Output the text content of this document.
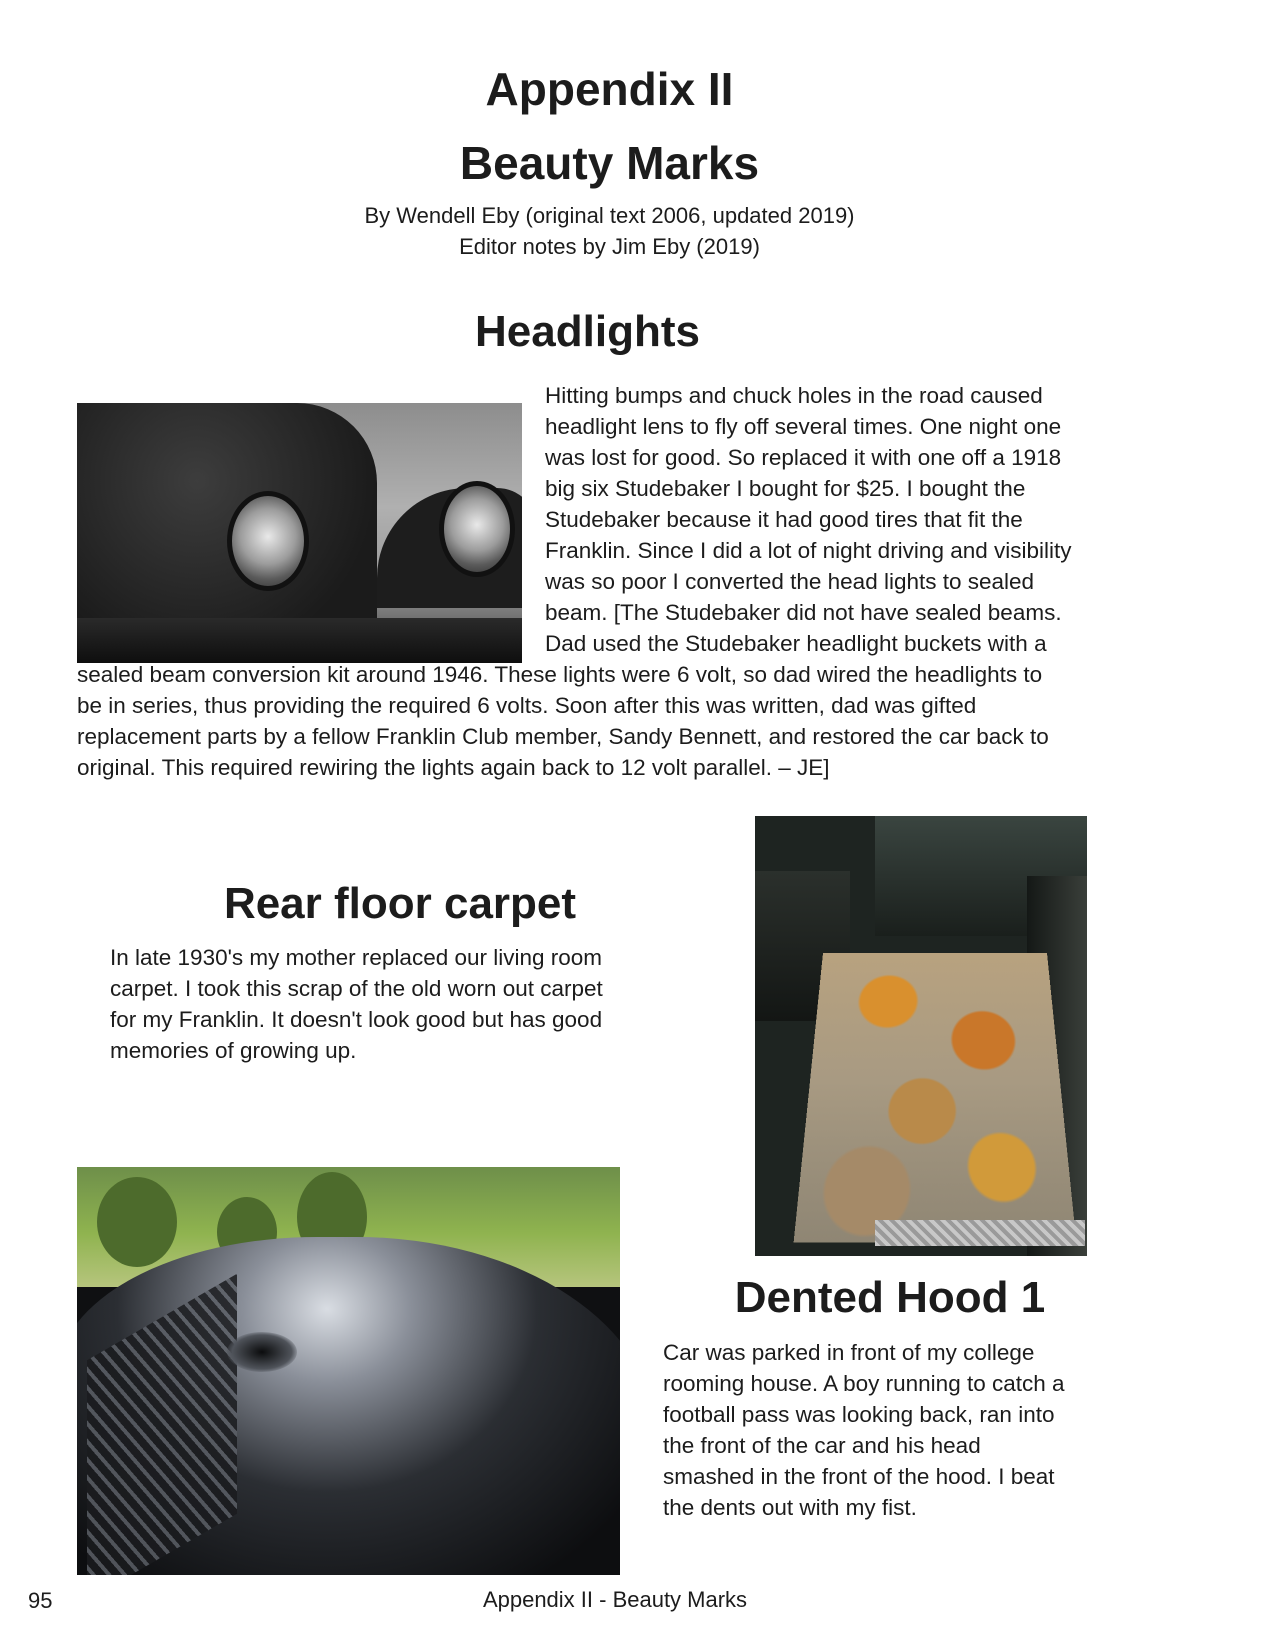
Appendix II
Beauty Marks
By Wendell Eby (original text 2006, updated 2019)
Editor notes by Jim Eby (2019)
Headlights
Hitting bumps and chuck holes in the road caused
headlight lens to fly off several times. One night one
was lost for good. So replaced it with one off a 1918
big six Studebaker I bought for $25. I bought the
Studebaker because it had good tires that fit the
Franklin. Since I did a lot of night driving and visibility
was so poor I converted the head lights to sealed
beam. [The Studebaker did not have sealed beams.
Dad used the Studebaker headlight buckets with a
sealed beam conversion kit around 1946. These lights were 6 volt, so dad wired the headlights to
be in series, thus providing the required 6 volts. Soon after this was written, dad was gifted
replacement parts by a fellow Franklin Club member, Sandy Bennett, and restored the car back to
original. This required rewiring the lights again back to 12 volt parallel. – JE]
Rear floor carpet
In late 1930's my mother replaced our living room
carpet. I took this scrap of the old worn out carpet
for my Franklin. It doesn't look good but has good
memories of growing up.
Dented Hood 1
Car was parked in front of my college
rooming house. A boy running to catch a
football pass was looking back, ran into
the front of the car and his head
smashed in the front of the hood. I beat
the dents out with my fist.
95	Appendix II - Beauty Marks
